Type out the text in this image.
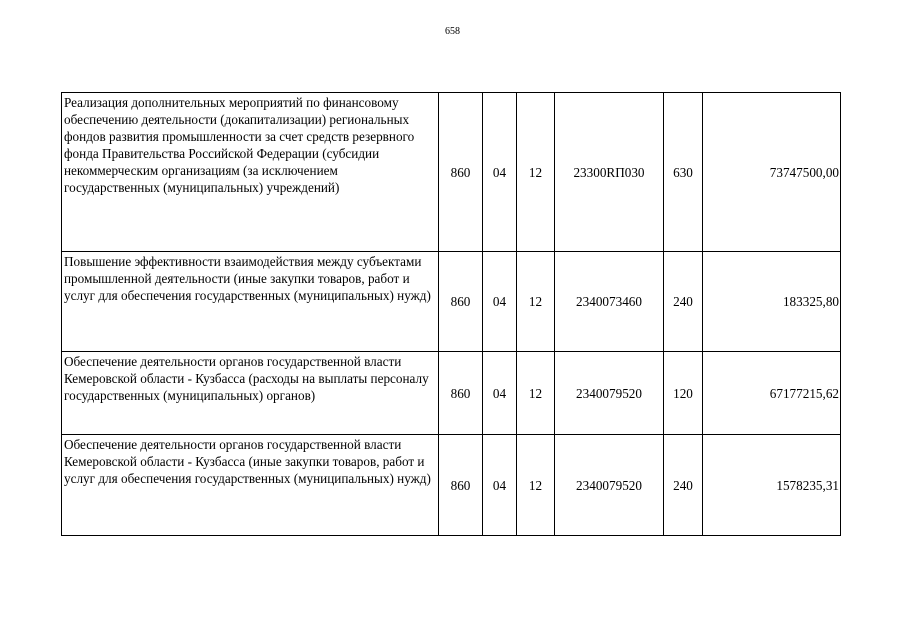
658
Реализация дополнительных мероприятий по финансовому обеспечению деятельности (докапитализации) региональных фондов развития промышленности за счет средств резервного фонда Правительства Российской Федерации (субсидии некоммерческим организациям (за исключением государственных (муниципальных) учреждений)	860	04	12	23300RП030	630	73747500,00
Повышение эффективности взаимодействия между субъектами промышленной деятельности (иные закупки товаров, работ и услуг для обеспечения государственных (муниципальных) нужд)	860	04	12	2340073460	240	183325,80
Обеспечение деятельности органов государственной власти Кемеровской области - Кузбасса (расходы на выплаты персоналу государственных (муниципальных) органов)	860	04	12	2340079520	120	67177215,62
Обеспечение деятельности органов государственной власти Кемеровской области - Кузбасса (иные закупки товаров, работ и услуг для обеспечения государственных (муниципальных) нужд)	860	04	12	2340079520	240	1578235,31
